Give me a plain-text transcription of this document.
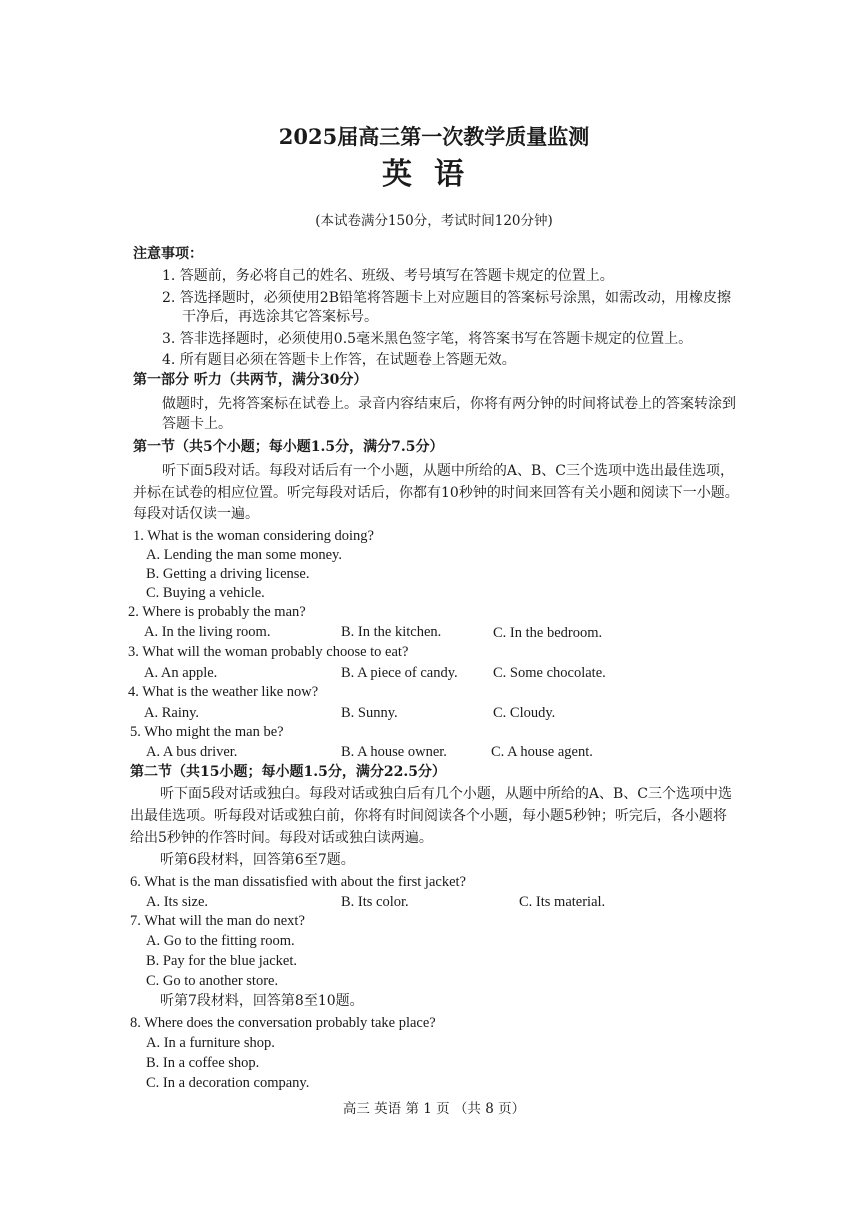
2025届高三第一次教学质量监测
英语
(本试卷满分150分，考试时间120分钟)
注意事项：
1. 答题前，务必将自己的姓名、班级、考号填写在答题卡规定的位置上。
2. 答选择题时，必须使用2B铅笔将答题卡上对应题目的答案标号涂黑，如需改动，用橡皮擦
干净后，再选涂其它答案标号。
3. 答非选择题时，必须使用0.5毫米黑色签字笔，将答案书写在答题卡规定的位置上。
4. 所有题目必须在答题卡上作答，在试题卷上答题无效。
第一部分 听力（共两节，满分30分）
做题时，先将答案标在试卷上。录音内容结束后，你将有两分钟的时间将试卷上的答案转涂到
答题卡上。
第一节（共5个小题；每小题1.5分，满分7.5分）
听下面5段对话。每段对话后有一个小题，从题中所给的A、B、C三个选项中选出最佳选项，
并标在试卷的相应位置。听完每段对话后，你都有10秒钟的时间来回答有关小题和阅读下一小题。
每段对话仅读一遍。
1. What is the woman considering doing?
A. Lending the man some money.
B. Getting a driving license.
C. Buying a vehicle.
2. Where is probably the man?
A. In the living room.	B. In the kitchen.	C. In the bedroom.
3. What will the woman probably choose to eat?
A. An apple.	B. A piece of candy. C. Some chocolate.
4. What is the weather like now?
A. Rainy.	B. Sunny.	C. Cloudy.
5. Who might the man be?
A. A bus driver.	B. A house owner.	C. A house agent.
第二节（共15小题；每小题1.5分，满分22.5分）
听下面5段对话或独白。每段对话或独白后有几个小题，从题中所给的A、B、C三个选项中选
出最佳选项。听每段对话或独白前，你将有时间阅读各个小题，每小题5秒钟；听完后，各小题将
给出5秒钟的作答时间。每段对话或独白读两遍。
听第6段材料，回答第6至7题。
6. What is the man dissatisfied with about the first jacket?
A. Its size.	B. Its color.	C. Its material.
7. What will the man do next?
A. Go to the fitting room.
B. Pay for the blue jacket.
C. Go to another store.
听第7段材料，回答第8至10题。
8. Where does the conversation probably take place?
A. In a furniture shop.
B. In a coffee shop.
C. In a decoration company.
高三 英语 第 1 页 （共 8 页）
